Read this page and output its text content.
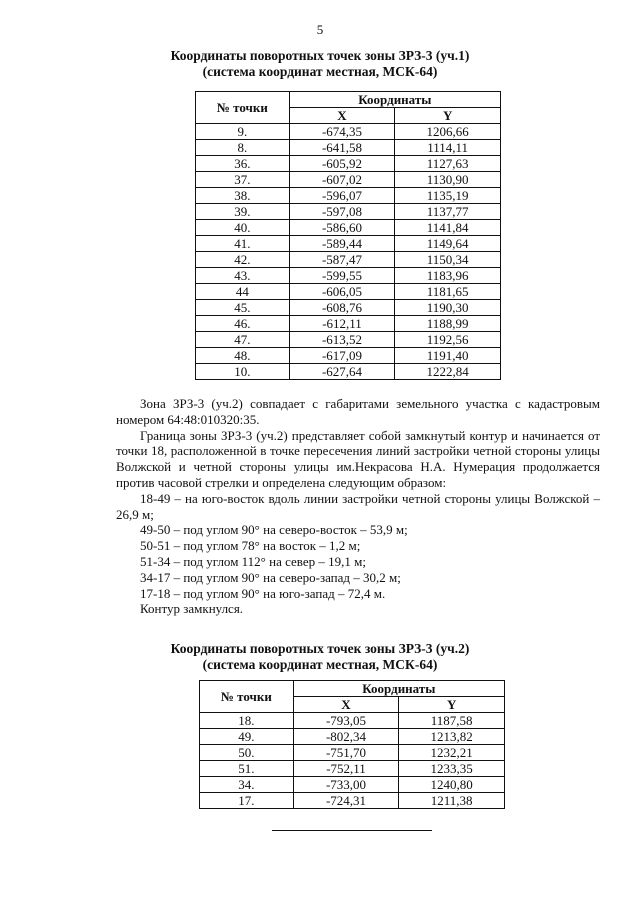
5
Координаты поворотных точек зоны ЗРЗ-3 (уч.1)
(система координат местная, МСК-64)
№ точки	Координаты	
	X	Y
9.	-674,35	1206,66
8.	-641,58	1114,11
36.	-605,92	1127,63
37.	-607,02	1130,90
38.	-596,07	1135,19
39.	-597,08	1137,77
40.	-586,60	1141,84
41.	-589,44	1149,64
42.	-587,47	1150,34
43.	-599,55	1183,96
44	-606,05	1181,65
45.	-608,76	1190,30
46.	-612,11	1188,99
47.	-613,52	1192,56
48.	-617,09	1191,40
10.	-627,64	1222,84

Зона ЗРЗ-3 (уч.2) совпадает с габаритами земельного участка с кадастровым номером 64:48:010320:35.

Граница зоны ЗРЗ-3 (уч.2) представляет собой замкнутый контур и начинается от точки 18, расположенной в точке пересечения линий застройки четной стороны улицы Волжской и четной стороны улицы им.Некрасова Н.А. Нумерация продолжается против часовой стрелки и определена следующим образом:

18-49 – на юго-восток вдоль линии застройки четной стороны улицы Волжской – 26,9 м;

49-50 – под углом 90° на северо-восток – 53,9 м;

50-51 – под углом 78° на восток – 1,2 м;

51-34 – под углом 112° на север – 19,1 м;

34-17 – под углом 90° на северо-запад – 30,2 м;

17-18 – под углом 90° на юго-запад – 72,4 м.

Контур замкнулся.

Координаты поворотных точек зоны ЗРЗ-3 (уч.2)
(система координат местная, МСК-64)
№ точки	Координаты	
	X	Y
18.	-793,05	1187,58
49.	-802,34	1213,82
50.	-751,70	1232,21
51.	-752,11	1233,35
34.	-733,00	1240,80
17.	-724,31	1211,38
